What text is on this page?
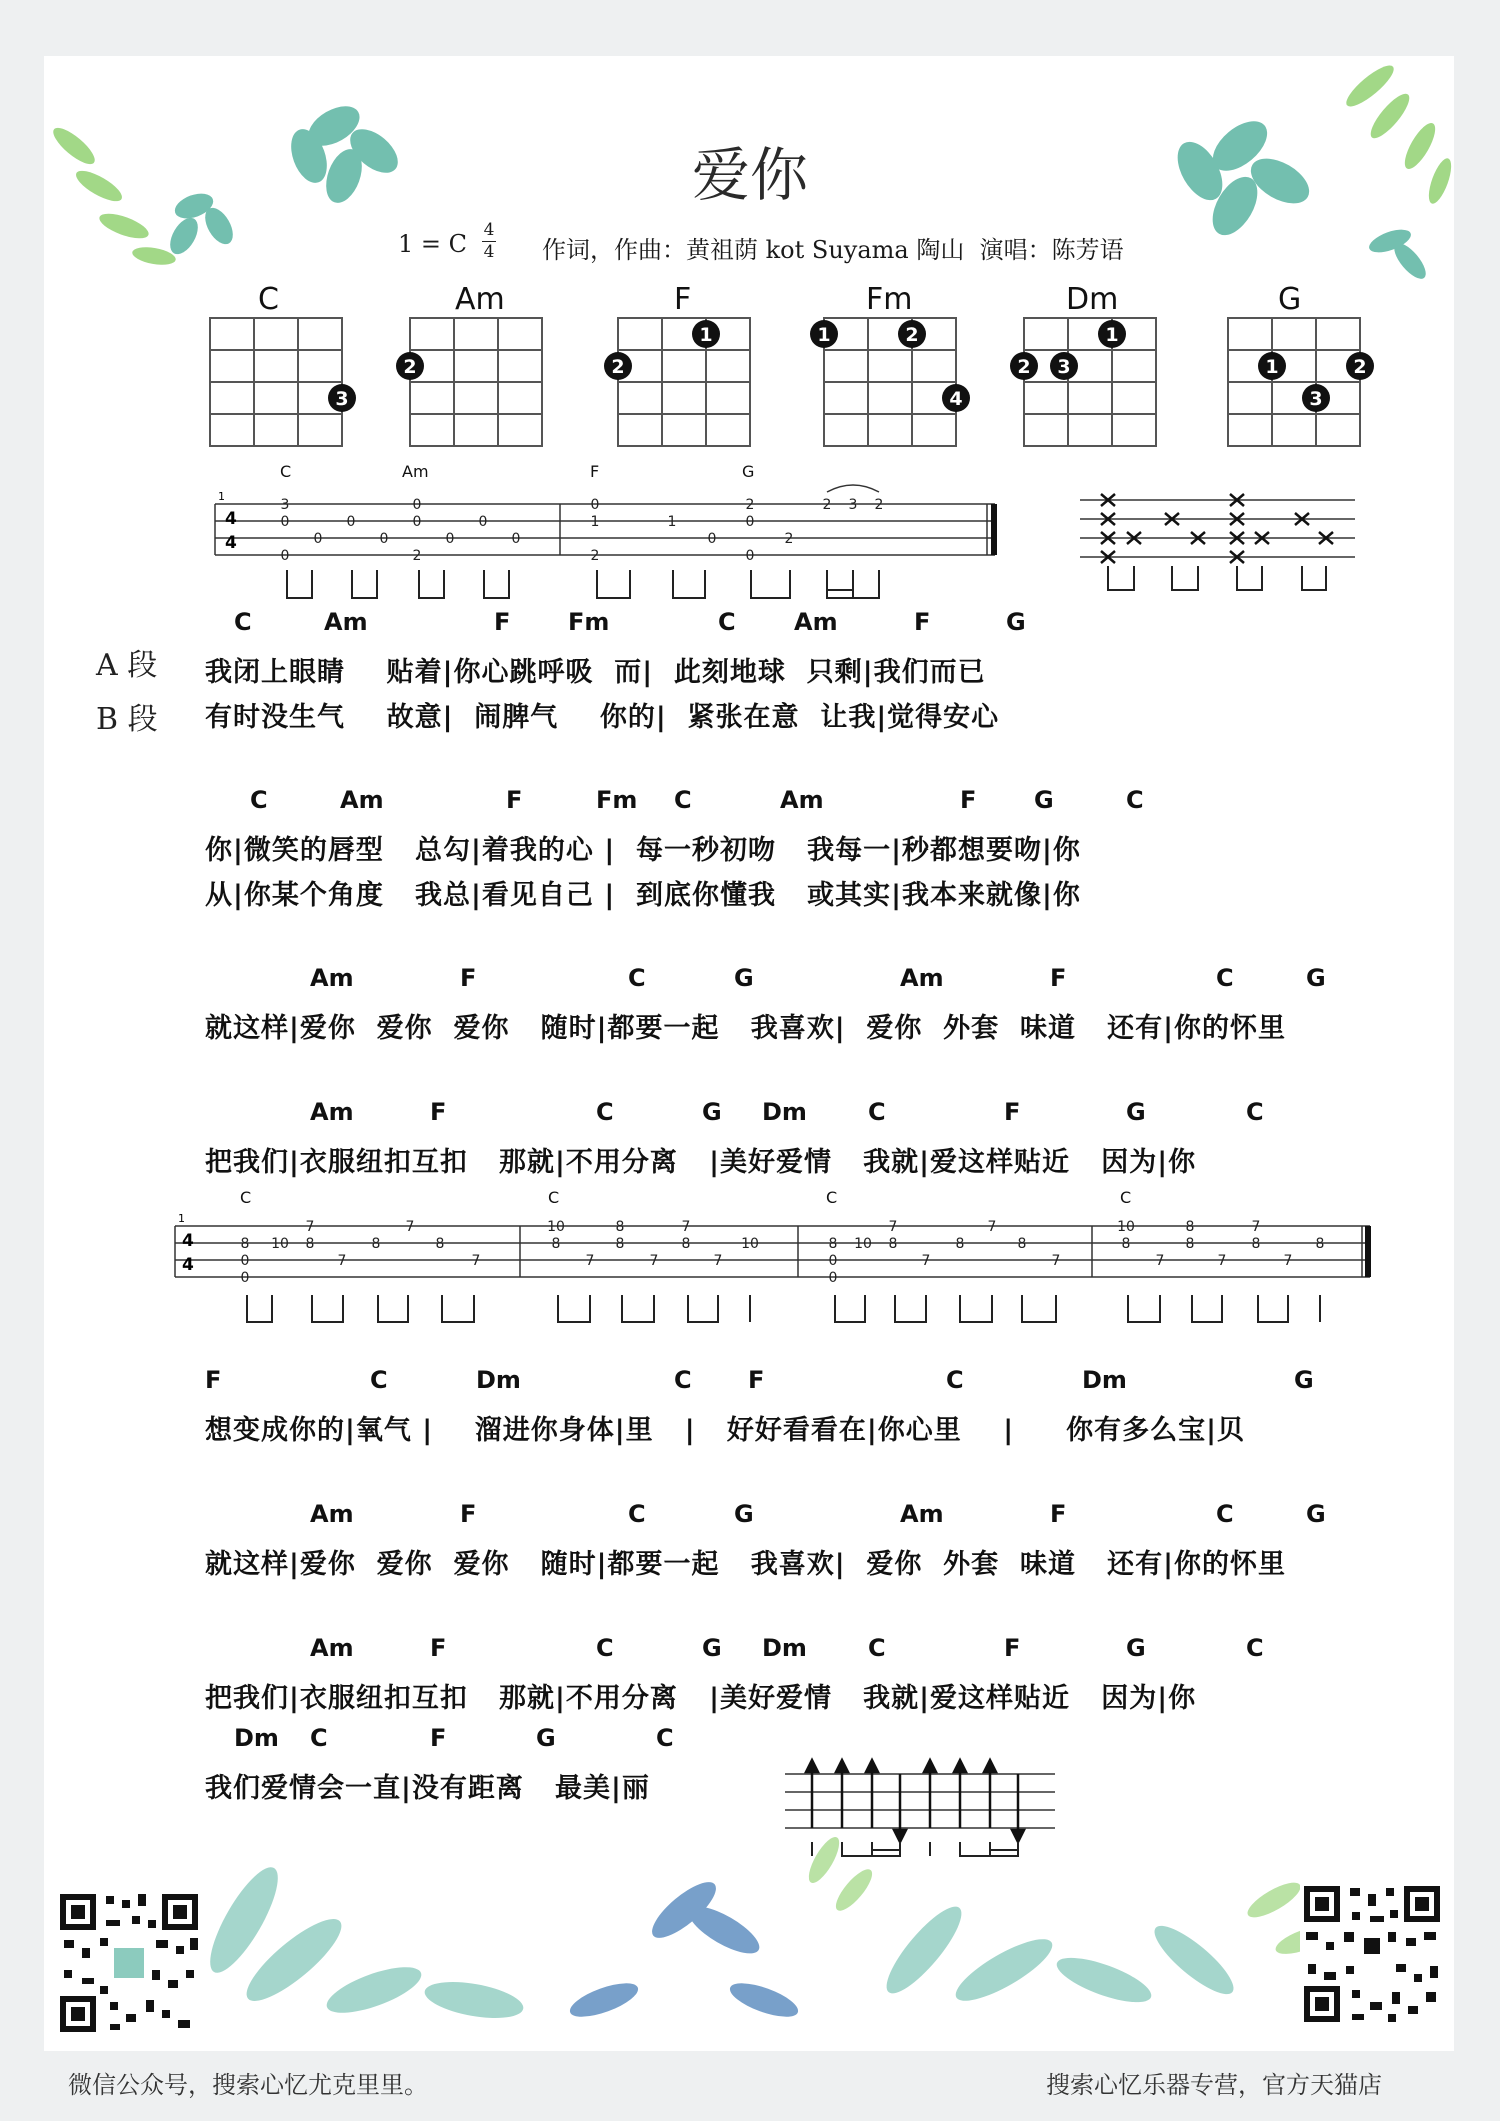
爱你
1 = C 4
4 作词，作曲：黄祖荫 kot Suyama 陶山  演唱：陈芳语
3
2
1
2
1	2
4
1
2 3	1	2
3
C	Am	F	Fm	Dm	G
4
4
1
3
0
0
0
0
0
0
0
2
0
0
0
0
1
2
1
0
0
2
0
2
2 3 2
C	Am	F	G
A 段
B 段
C	Am	F Fm	C Am	F	G
我闭上眼睛    贴着|你心跳呼吸  而|  此刻地球  只剩|我们而已
有时没生气    故意|  闹脾气    你的|  紧张在意  让我|觉得安心
C	Am	F	Fm C	Am	F G	C
你|微笑的唇型   总勾|着我的心 |  每一秒初吻   我每一|秒都想要吻|你
从|你某个角度   我总|看见自己 |  到底你懂我   或其实|我本来就像|你
Am	F	C	G	Am	F	C	G
就这样|爱你  爱你  爱你   随时|都要一起   我喜欢|  爱你  外套  味道   还有|你的怀里
Am	F	C	G Dm	C	F	G	C
把我们|衣服纽扣互扣   那就|不用分离   |美好爱情   我就|爱这样贴近   因为|你
4
4
1
8
0
0
10
7
8
7
8
7
8
7
10
8
7
8
8
7
7
8
7
10	8
0
0
10
7
8
7
8
7
8
7
10
8
7
8
8
7
7
8
7
8
C	C	C	C
F	C	Dm	C F	C	Dm	G
想变成你的|氧气 |    溜进你身体|里   |   好好看看在|你心里    |     你有多么宝|贝
Am	F	C	G	Am	F	C	G
就这样|爱你  爱你  爱你   随时|都要一起   我喜欢|  爱你  外套  味道   还有|你的怀里
Am	F	C	G Dm	C	F	G	C
把我们|衣服纽扣互扣   那就|不用分离   |美好爱情   我就|爱这样贴近   因为|你
Dm C	F	G	C
我们爱情会一直|没有距离   最美|丽
微信公众号，搜索心忆尤克里里。	搜索心忆乐器专营，官方天猫店
